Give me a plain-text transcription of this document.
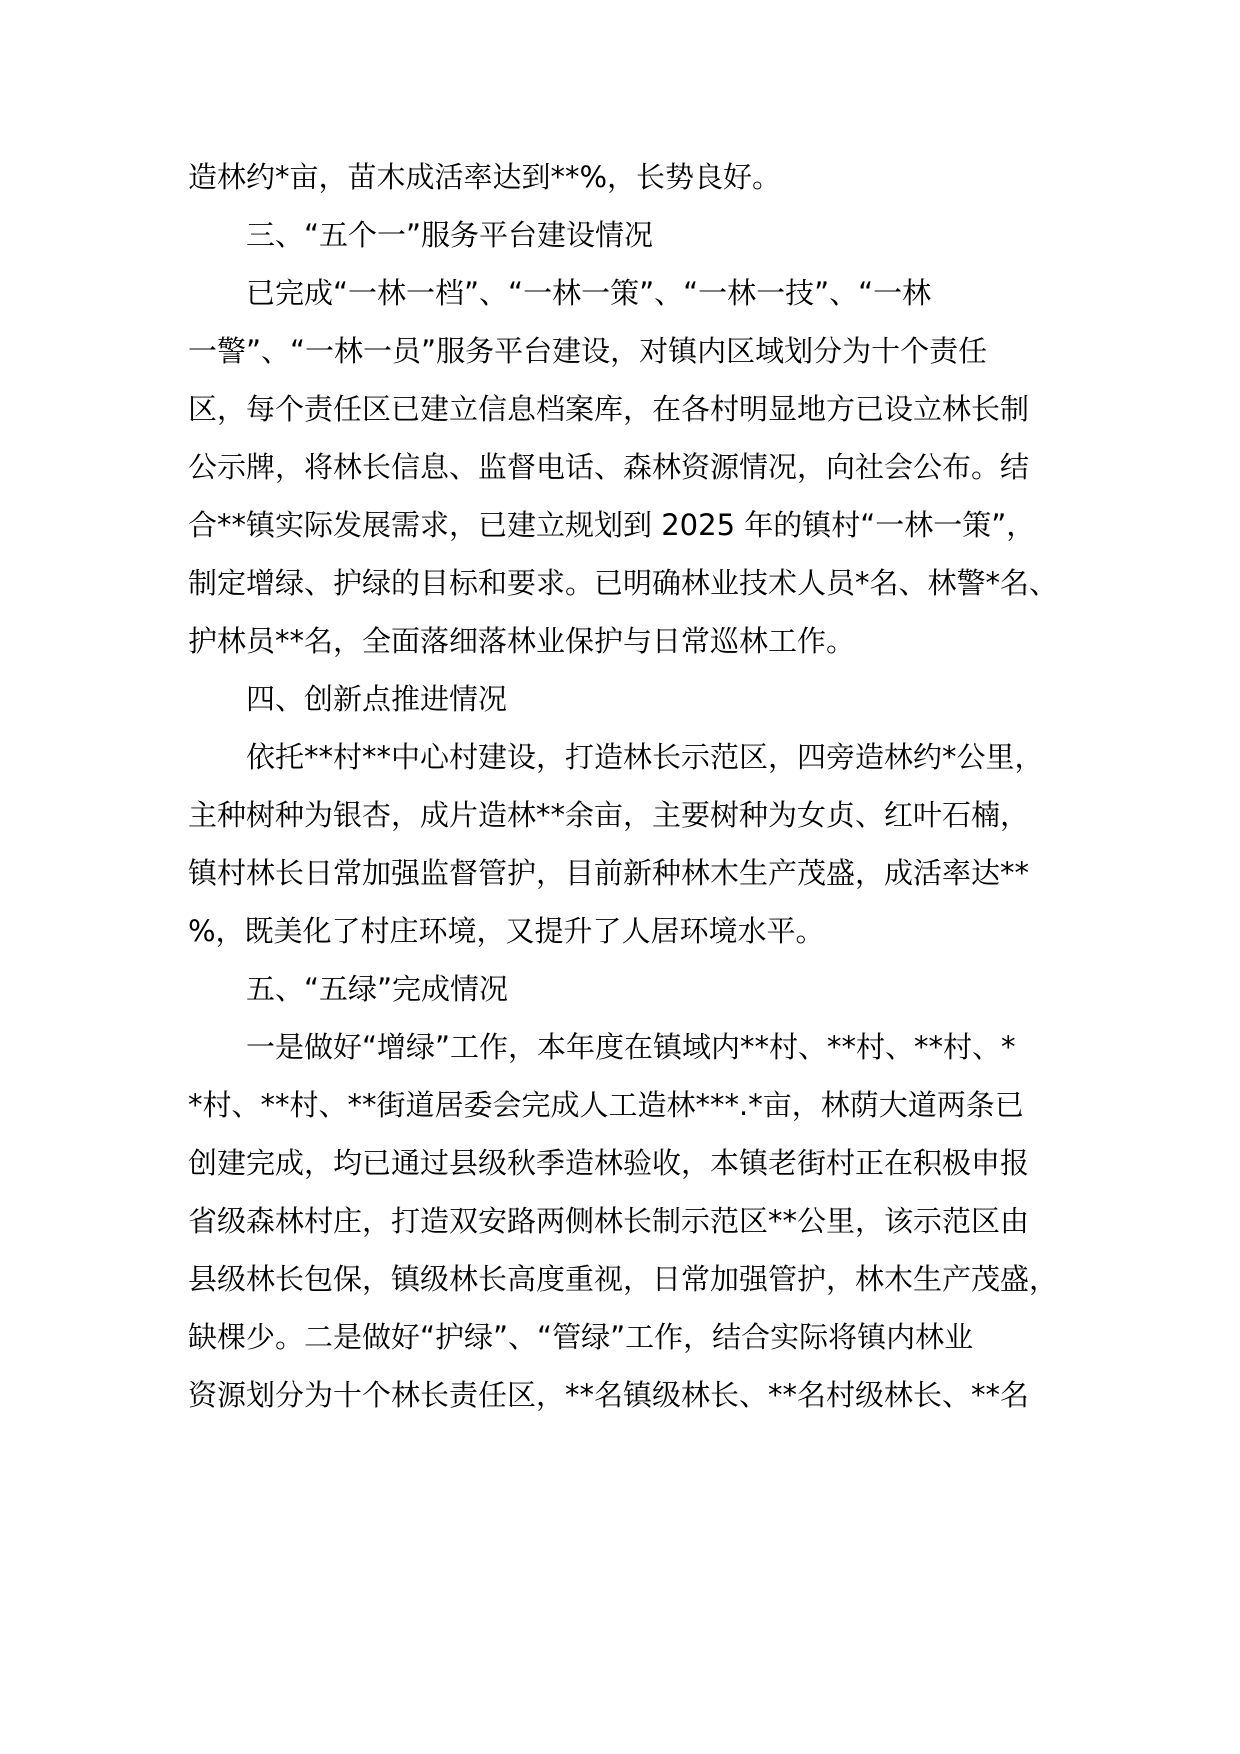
造林约*亩，苗木成活率达到**%，长势良好。
三、“五个一”服务平台建设情况
已完成“一林一档”、“一林一策”、“一林一技”、“一林
一警”、“一林一员”服务平台建设，对镇内区域划分为十个责任
区，每个责任区已建立信息档案库，在各村明显地方已设立林长制
公示牌，将林长信息、监督电话、森林资源情况，向社会公布。结
合**镇实际发展需求，已建立规划到 2025 年的镇村“一林一策”，
制定增绿、护绿的目标和要求。已明确林业技术人员*名、林警*名、
护林员**名，全面落细落林业保护与日常巡林工作。
四、创新点推进情况
依托**村**中心村建设，打造林长示范区，四旁造林约*公里，
主种树种为银杏，成片造林**余亩，主要树种为女贞、红叶石楠，
镇村林长日常加强监督管护，目前新种林木生产茂盛，成活率达**
%，既美化了村庄环境，又提升了人居环境水平。
五、“五绿”完成情况
一是做好“增绿”工作，本年度在镇域内**村、**村、**村、*
*村、**村、**街道居委会完成人工造林***.*亩，林荫大道两条已
创建完成，均已通过县级秋季造林验收，本镇老街村正在积极申报
省级森林村庄，打造双安路两侧林长制示范区**公里，该示范区由
县级林长包保，镇级林长高度重视，日常加强管护，林木生产茂盛，
缺棵少。二是做好“护绿”、“管绿”工作，结合实际将镇内林业
资源划分为十个林长责任区，**名镇级林长、**名村级林长、**名
